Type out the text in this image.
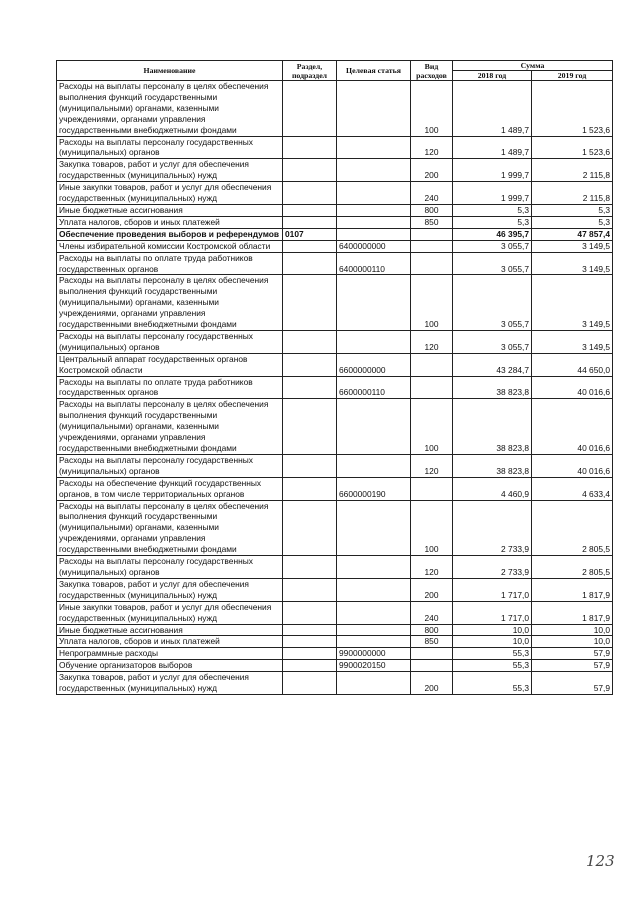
Наименование	Раздел, подраздел	Целевая статья	Вид расходов	Сумма	
				2018 год	2019 год
Расходы на выплаты персоналу в целях обеспечения выполнения функций государственными (муниципальными) органами, казенными учреждениями, органами управления государственными внебюджетными фондами			100	1 489,7	1 523,6
Расходы на выплаты персоналу государственных (муниципальных) органов			120	1 489,7	1 523,6
Закупка товаров, работ и услуг для обеспечения государственных (муниципальных) нужд			200	1 999,7	2 115,8
Иные закупки товаров, работ и услуг для обеспечения государственных (муниципальных) нужд			240	1 999,7	2 115,8
Иные бюджетные ассигнования			800	5,3	5,3
Уплата налогов, сборов и иных платежей			850	5,3	5,3
Обеспечение проведения выборов и референдумов	0107			46 395,7	47 857,4
Члены избирательной комиссии Костромской области		6400000000		3 055,7	3 149,5
Расходы на выплаты по оплате труда работников государственных органов		6400000110		3 055,7	3 149,5
Расходы на выплаты персоналу в целях обеспечения выполнения функций государственными (муниципальными) органами, казенными учреждениями, органами управления государственными внебюджетными фондами			100	3 055,7	3 149,5
Расходы на выплаты персоналу государственных (муниципальных) органов			120	3 055,7	3 149,5
Центральный аппарат государственных органов Костромской области		6600000000		43 284,7	44 650,0
Расходы на выплаты по оплате труда работников государственных органов		6600000110		38 823,8	40 016,6
Расходы на выплаты персоналу в целях обеспечения выполнения функций государственными (муниципальными) органами, казенными учреждениями, органами управления государственными внебюджетными фондами			100	38 823,8	40 016,6
Расходы на выплаты персоналу государственных (муниципальных) органов			120	38 823,8	40 016,6
Расходы на обеспечение функций государственных органов, в том числе территориальных органов		6600000190		4 460,9	4 633,4
Расходы на выплаты персоналу в целях обеспечения выполнения функций государственными (муниципальными) органами, казенными учреждениями, органами управления государственными внебюджетными фондами			100	2 733,9	2 805,5
Расходы на выплаты персоналу государственных (муниципальных) органов			120	2 733,9	2 805,5
Закупка товаров, работ и услуг для обеспечения государственных (муниципальных) нужд			200	1 717,0	1 817,9
Иные закупки товаров, работ и услуг для обеспечения государственных (муниципальных) нужд			240	1 717,0	1 817,9
Иные бюджетные ассигнования			800	10,0	10,0
Уплата налогов, сборов и иных платежей			850	10,0	10,0
Непрограммные расходы		9900000000		55,3	57,9
Обучение организаторов выборов		9900020150		55,3	57,9
Закупка товаров, работ и услуг для обеспечения государственных (муниципальных) нужд			200	55,3	57,9
123
